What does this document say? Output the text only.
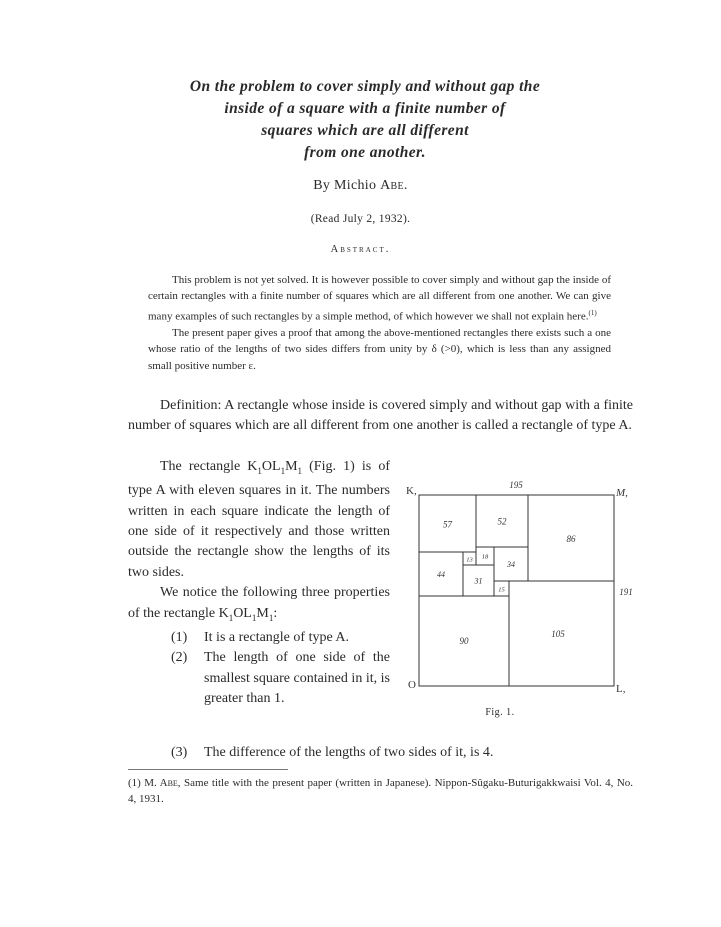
On the problem to cover simply and without gap the
inside of a square with a finite number of
squares which are all different
from one another.
By Michio Abe.
(Read July 2, 1932).
Abstract.

This problem is not yet solved. It is however possible to cover simply and without gap the inside of certain rectangles with a finite number of squares which are all different from one another. We can give many examples of such rectangles by a simple method, of which however we shall not explain here.$^{(1)}$

The present paper gives a proof that among the above-mentioned rectangles there exists such a one whose ratio of the lengths of two sides differs from unity by δ (>0), which is less than any assigned small positive number ε.

Definition: A rectangle whose inside is covered simply and without gap with a finite number of squares which are all different from one another is called a rectangle of type A.

The rectangle $K_1OL_1M_1$ (Fig. 1) is of type A with eleven squares in it. The numbers written in each square indicate the length of one side of it respectively and those written outside the rectangle show the lengths of its two sides.

We notice the following three properties of the rectangle $K_1OL_1M_1$:

(1) It is a rectangle of type A.
(2) The length of one side of the smallest square contained in it, is greater than 1.
(3) The difference of the lengths of two sides of it, is 4.
57	52
86
13 18
34
44
31
15
90
105
195
191
K,	M,
O	L,
Fig. 1.
(1) M. Abe, Same title with the present paper (written in Japanese). Nippon-Sûgaku-Buturigakkwaisi Vol. 4, No. 4, 1931.
